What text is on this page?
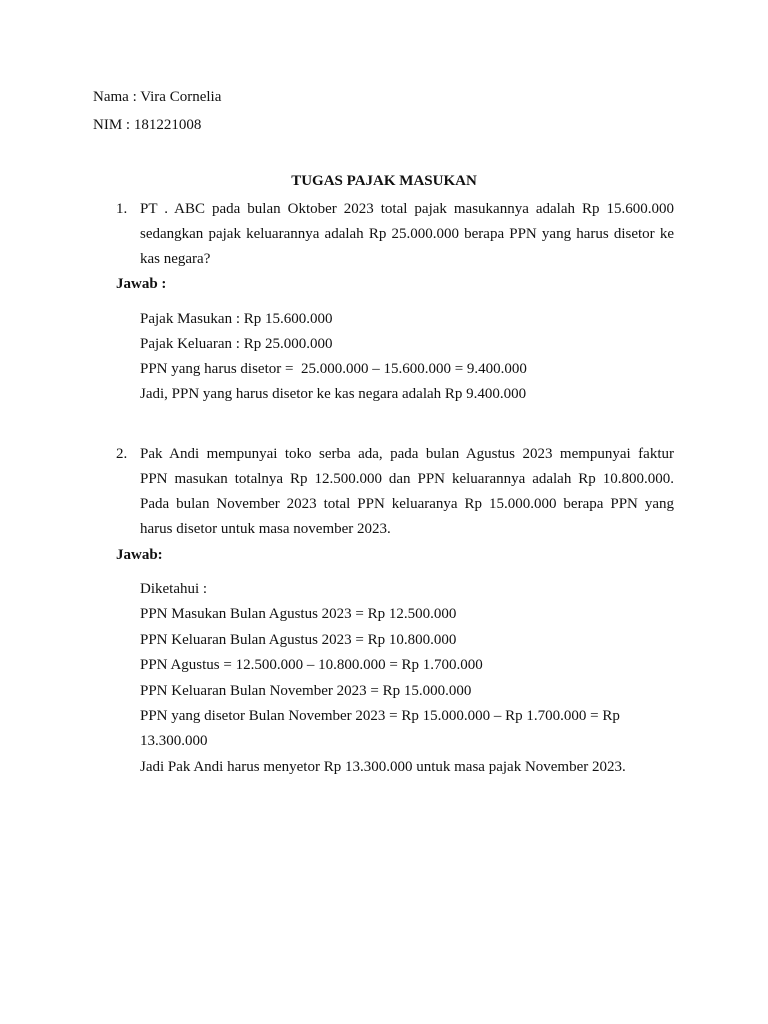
Nama : Vira Cornelia
NIM : 181221008
TUGAS PAJAK MASUKAN
1. PT . ABC pada bulan Oktober 2023 total pajak masukannya adalah Rp 15.600.000
sedangkan pajak keluarannya adalah Rp 25.000.000 berapa PPN yang harus disetor ke
kas negara?
Jawab :
Pajak Masukan : Rp 15.600.000
Pajak Keluaran : Rp 25.000.000
PPN yang harus disetor =  25.000.000 – 15.600.000 = 9.400.000
Jadi, PPN yang harus disetor ke kas negara adalah Rp 9.400.000
2. Pak Andi mempunyai toko serba ada, pada bulan Agustus 2023 mempunyai faktur
PPN masukan totalnya Rp 12.500.000 dan PPN keluarannya adalah Rp 10.800.000.
Pada bulan November 2023 total PPN keluaranya Rp 15.000.000 berapa PPN yang
harus disetor untuk masa november 2023.
Jawab:
Diketahui :
PPN Masukan Bulan Agustus 2023 = Rp 12.500.000
PPN Keluaran Bulan Agustus 2023 = Rp 10.800.000
PPN Agustus = 12.500.000 – 10.800.000 = Rp 1.700.000
PPN Keluaran Bulan November 2023 = Rp 15.000.000
PPN yang disetor Bulan November 2023 = Rp 15.000.000 – Rp 1.700.000 = Rp
13.300.000
Jadi Pak Andi harus menyetor Rp 13.300.000 untuk masa pajak November 2023.
